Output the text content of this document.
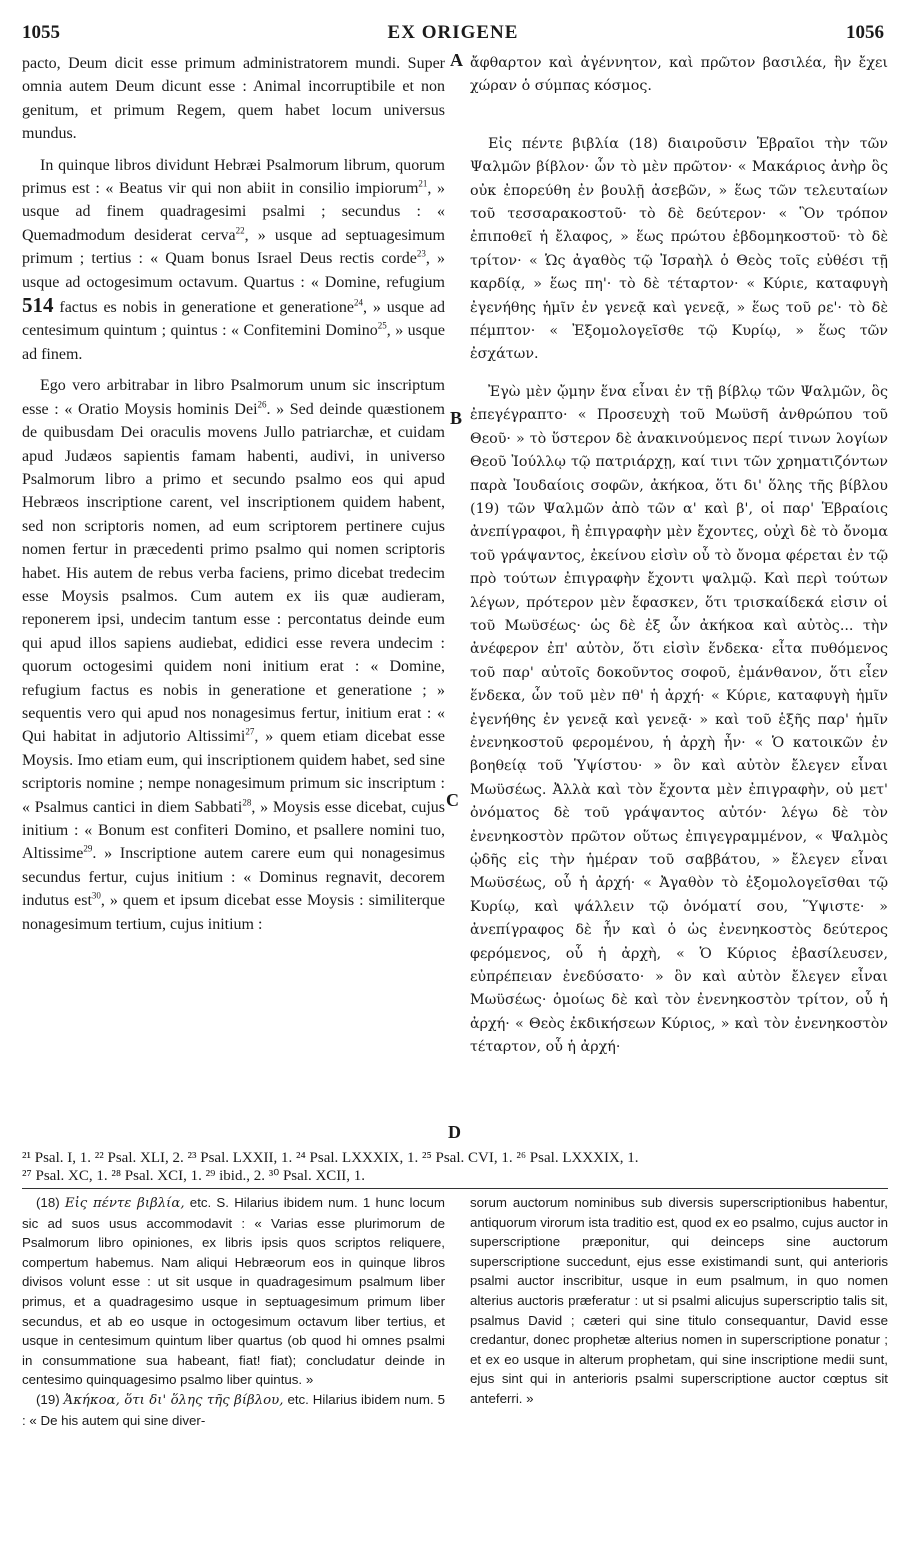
1055	EX ORIGENE	1056

pacto, Deum dicit esse primum administratorem mundi. Super omnia autem Deum dicunt esse : Animal incorruptibile et non genitum, et primum Regem, quem habet locum universus mundus.

In quinque libros dividunt Hebræi Psalmorum librum, quorum primus est : « Beatus vir qui non abiit in consilio impiorum$^{21}$, » usque ad finem quadragesimi psalmi ; secundus : « Quemadmodum desiderat cerva$^{22}$, » usque ad septuagesimum primum ; tertius : « Quam bonus Israel Deus rectis corde$^{23}$, » usque ad octogesimum octavum. Quartus : « Domine, refugium 514 factus es nobis in generatione et generatione$^{24}$, » usque ad centesimum quintum ; quintus : « Confitemini Domino$^{25}$, » usque ad finem.

Ego vero arbitrabar in libro Psalmorum unum sic inscriptum esse : « Oratio Moysis hominis Dei$^{26}$. » Sed deinde quæstionem de quibusdam Dei oraculis movens Jullo patriarchæ, et cuidam apud Judæos sapientis famam habenti, audivi, in universo Psalmorum libro a primo et secundo psalmo eos qui apud Hebræos inscriptione carent, vel inscriptionem quidem habent, sed non scriptoris nomen, ad eum scriptorem pertinere cujus nomen fertur in præcedenti primo psalmo qui nomen scriptoris habet. His autem de rebus verba faciens, primo dicebat tredecim esse Moysis psalmos. Cum autem ex iis quæ audieram, reponerem ipsi, undecim tantum esse : percontatus deinde eum qui apud illos sapiens audiebat, edidici esse revera undecim : quorum octogesimi quidem noni initium erat : « Domine, refugium factus es nobis in generatione et generatione ; » sequentis vero qui apud nos nonagesimus fertur, initium erat : « Qui habitat in adjutorio Altissimi$^{27}$, » quem etiam dicebat esse Moysis. Imo etiam eum, qui inscriptionem quidem habet, sed sine scriptoris nomine ; nempe nonagesimum primum sic inscriptum : « Psalmus cantici in diem Sabbati$^{28}$, » Moysis esse dicebat, cujus initium : « Bonum est confiteri Domino, et psallere nomini tuo, Altissime$^{29}$. » Inscriptione autem carere eum qui nonagesimus secundus fertur, cujus initium : « Dominus regnavit, decorem indutus est$^{30}$, » quem et ipsum dicebat esse Moysis : similiterque nonagesimum tertium, cujus initium :

A
B
C
D

ἄφθαρτον καὶ ἀγέννητον, καὶ πρῶτον βασιλέα, ἣν ἔχει χώραν ὁ σύμπας κόσμος.

Εἰς πέντε βιβλία (18) διαιροῦσιν Ἑβραῖοι τὴν τῶν Ψαλμῶν βίβλον· ὧν τὸ μὲν πρῶτον· « Μακάριος ἀνὴρ ὃς οὐκ ἐπορεύθη ἐν βουλῇ ἀσεβῶν, » ἕως τῶν τελευταίων τοῦ τεσσαρακοστοῦ· τὸ δὲ δεύτερον· « Ὃν τρόπον ἐπιποθεῖ ἡ ἔλαφος, » ἕως πρώτου ἑβδομηκοστοῦ· τὸ δὲ τρίτον· « Ὡς ἀγαθὸς τῷ Ἰσραὴλ ὁ Θεὸς τοῖς εὐθέσι τῇ καρδίᾳ, » ἕως πη'· τὸ δὲ τέταρτον· « Κύριε, καταφυγὴ ἐγενήθης ἡμῖν ἐν γενεᾷ καὶ γενεᾷ, » ἕως τοῦ ρε'· τὸ δὲ πέμπτον· « Ἐξομολογεῖσθε τῷ Κυρίῳ, » ἕως τῶν ἐσχάτων.

Ἐγὼ μὲν ᾤμην ἕνα εἶναι ἐν τῇ βίβλῳ τῶν Ψαλμῶν, ὃς ἐπεγέγραπτο· « Προσευχὴ τοῦ Μωϋσῆ ἀνθρώπου τοῦ Θεοῦ· » τὸ ὕστερον δὲ ἀνακινούμενος περί τινων λογίων Θεοῦ Ἰούλλῳ τῷ πατριάρχῃ, καί τινι τῶν χρηματιζόντων παρὰ Ἰουδαίοις σοφῶν, ἀκήκοα, ὅτι δι' ὅλης τῆς βίβλου (19) τῶν Ψαλμῶν ἀπὸ τῶν α' καὶ β', οἱ παρ' Ἑβραίοις ἀνεπίγραφοι, ἢ ἐπιγραφὴν μὲν ἔχοντες, οὐχὶ δὲ τὸ ὄνομα τοῦ γράψαντος, ἐκείνου εἰσὶν οὗ τὸ ὄνομα φέρεται ἐν τῷ πρὸ τούτων ἐπιγραφὴν ἔχοντι ψαλμῷ. Καὶ περὶ τούτων λέγων, πρότερον μὲν ἔφασκεν, ὅτι τρισκαίδεκά εἰσιν οἱ τοῦ Μωϋσέως· ὡς δὲ ἐξ ὧν ἀκήκοα καὶ αὐτὸς... τὴν ἀνέφερον ἐπ' αὐτὸν, ὅτι εἰσὶν ἕνδεκα· εἶτα πυθόμενος τοῦ παρ' αὐτοῖς δοκοῦντος σοφοῦ, ἐμάνθανον, ὅτι εἶεν ἕνδεκα, ὧν τοῦ μὲν πθ' ἡ ἀρχή· « Κύριε, καταφυγὴ ἡμῖν ἐγενήθης ἐν γενεᾷ καὶ γενεᾷ· » καὶ τοῦ ἑξῆς παρ' ἡμῖν ἐνενηκοστοῦ φερομένου, ἡ ἀρχὴ ἦν· « Ὁ κατοικῶν ἐν βοηθείᾳ τοῦ Ὑψίστου· » ὃν καὶ αὐτὸν ἔλεγεν εἶναι Μωϋσέως. Ἀλλὰ καὶ τὸν ἔχοντα μὲν ἐπιγραφὴν, οὐ μετ' ὀνόματος δὲ τοῦ γράψαντος αὐτόν· λέγω δὲ τὸν ἐνενηκοστὸν πρῶτον οὕτως ἐπιγεγραμμένον, « Ψαλμὸς ᾠδῆς εἰς τὴν ἡμέραν τοῦ σαββάτου, » ἔλεγεν εἶναι Μωϋσέως, οὗ ἡ ἀρχή· « Ἀγαθὸν τὸ ἐξομολογεῖσθαι τῷ Κυρίῳ, καὶ ψάλλειν τῷ ὀνόματί σου, Ὕψιστε· » ἀνεπίγραφος δὲ ἦν καὶ ὁ ὡς ἐνενηκοστὸς δεύτερος φερόμενος, οὗ ἡ ἀρχὴ, « Ὁ Κύριος ἐβασίλευσεν, εὐπρέπειαν ἐνεδύσατο· » ὃν καὶ αὐτὸν ἔλεγεν εἶναι Μωϋσέως· ὁμοίως δὲ καὶ τὸν ἐνενηκοστὸν τρίτον, οὗ ἡ ἀρχή· « Θεὸς ἐκδικήσεων Κύριος, » καὶ τὸν ἐνενηκοστὸν τέταρτον, οὗ ἡ ἀρχή·

²¹ Psal. I, 1. ²² Psal. XLI, 2. ²³ Psal. LXXII, 1. ²⁴ Psal. LXXXIX, 1. ²⁵ Psal. CVI, 1. ²⁶ Psal. LXXXIX, 1.
²⁷ Psal. XC, 1. ²⁸ Psal. XCI, 1. ²⁹ ibid., 2. ³⁰ Psal. XCII, 1.

(18) Εἰς πέντε βιβλία, etc. S. Hilarius ibidem num. 1 hunc locum sic ad suos usus accommodavit : « Varias esse plurimorum de Psalmorum libro opiniones, ex libris ipsis quos scriptos reliquere, compertum habemus. Nam aliqui Hebræorum eos in quinque libros divisos volunt esse : ut sit usque in quadragesimum psalmum liber primus, et a quadragesimo usque in septuagesimum primum liber secundus, et ab eo usque in octogesimum octavum liber tertius, et usque in centesimum quintum liber quartus (ob quod hi omnes psalmi in consummatione sua habeant, fiat! fiat); concludatur deinde in centesimo quinquagesimo psalmo liber quintus. »

(19) Ἀκήκοα, ὅτι δι' ὅλης τῆς βίβλου, etc. Hilarius ibidem num. 5 : « De his autem qui sine diver-

sorum auctorum nominibus sub diversis superscriptionibus habentur, antiquorum virorum ista traditio est, quod ex eo psalmo, cujus auctor in superscriptione præponitur, qui deinceps sine auctorum superscriptione succedunt, ejus esse existimandi sunt, qui anterioris psalmi auctor inscribitur, usque in eum psalmum, in quo nomen alterius auctoris præferatur : ut si psalmi alicujus superscriptio talis sit, psalmus David ; cæteri qui sine titulo consequantur, David esse credantur, donec prophetæ alterius nomen in superscriptione ponatur ; et ex eo usque in alterum prophetam, qui sine inscriptione medii sunt, ejus sint qui in anterioris psalmi superscriptione auctor cœptus sit anteferri. »
